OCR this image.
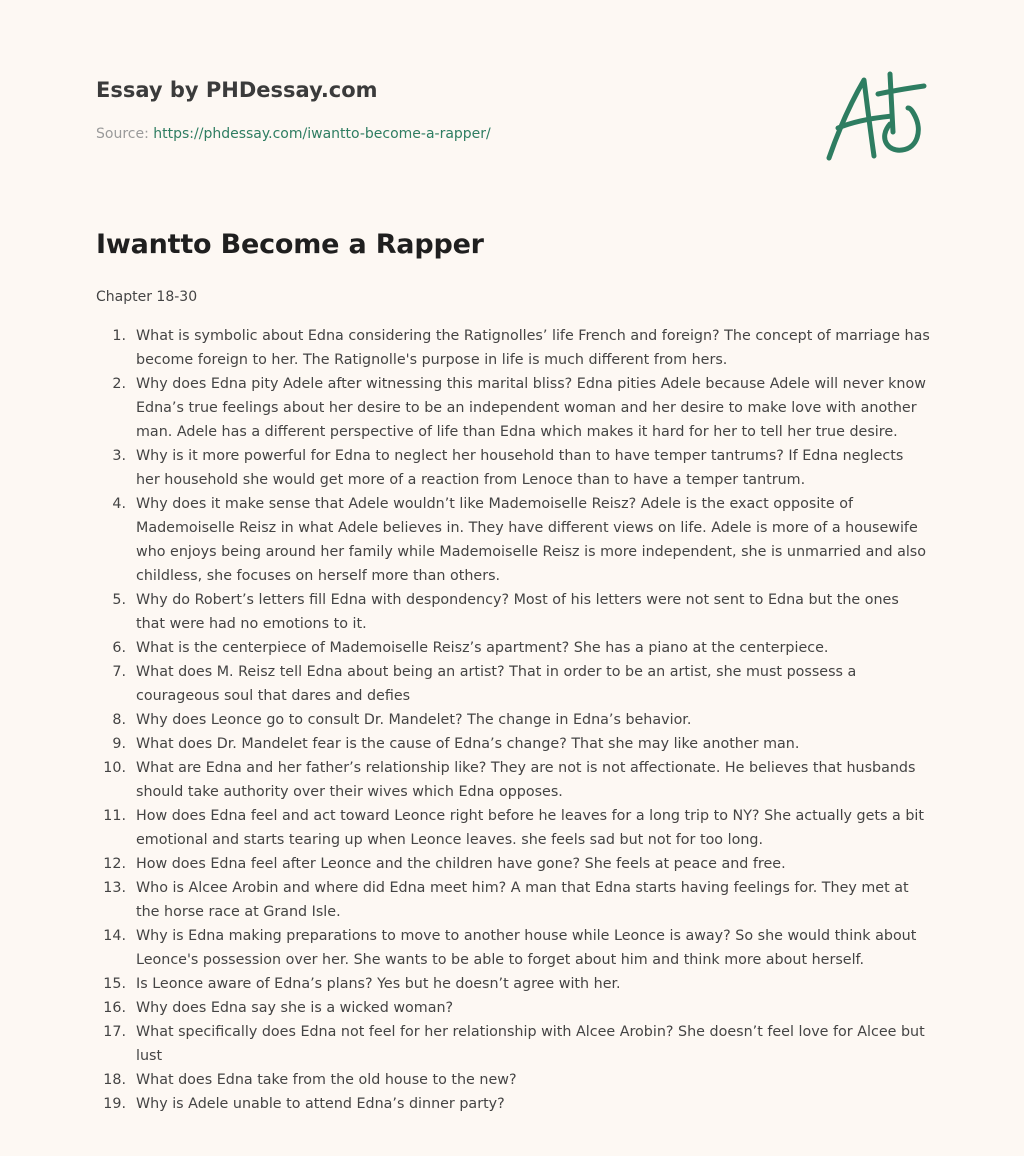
Essay by PHDessay.com
Source: https://phdessay.com/iwantto-become-a-rapper/
Iwantto Become a Rapper
Chapter 18-30
1. What is symbolic about Edna considering the Ratignolles’ life French and foreign? The concept of marriage has become foreign to her. The Ratignolle's purpose in life is much different from hers.
2. Why does Edna pity Adele after witnessing this marital bliss? Edna pities Adele because Adele will never know Edna’s true feelings about her desire to be an independent woman and her desire to make love with another man. Adele has a different perspective of life than Edna which makes it hard for her to tell her true desire.
3. Why is it more powerful for Edna to neglect her household than to have temper tantrums? If Edna neglects her household she would get more of a reaction from Lenoce than to have a temper tantrum.
4. Why does it make sense that Adele wouldn’t like Mademoiselle Reisz? Adele is the exact opposite of Mademoiselle Reisz in what Adele believes in. They have different views on life. Adele is more of a housewife who enjoys being around her family while Mademoiselle Reisz is more independent, she is unmarried and also childless, she focuses on herself more than others.
5. Why do Robert’s letters fill Edna with despondency? Most of his letters were not sent to Edna but the ones that were had no emotions to it.
6. What is the centerpiece of Mademoiselle Reisz’s apartment? She has a piano at the centerpiece.
7. What does M. Reisz tell Edna about being an artist? That in order to be an artist, she must possess a courageous soul that dares and defies
8. Why does Leonce go to consult Dr. Mandelet? The change in Edna’s behavior.
9. What does Dr. Mandelet fear is the cause of Edna’s change? That she may like another man.
10. What are Edna and her father’s relationship like? They are not is not affectionate. He believes that husbands should take authority over their wives which Edna opposes.
11. How does Edna feel and act toward Leonce right before he leaves for a long trip to NY? She actually gets a bit emotional and starts tearing up when Leonce leaves. she feels sad but not for too long.
12. How does Edna feel after Leonce and the children have gone? She feels at peace and free.
13. Who is Alcee Arobin and where did Edna meet him? A man that Edna starts having feelings for. They met at the horse race at Grand Isle.
14. Why is Edna making preparations to move to another house while Leonce is away? So she would think about Leonce's possession over her. She wants to be able to forget about him and think more about herself.
15. Is Leonce aware of Edna’s plans? Yes but he doesn’t agree with her.
16. Why does Edna say she is a wicked woman?
17. What specifically does Edna not feel for her relationship with Alcee Arobin? She doesn’t feel love for Alcee but lust
18. What does Edna take from the old house to the new?
19. Why is Adele unable to attend Edna’s dinner party?
